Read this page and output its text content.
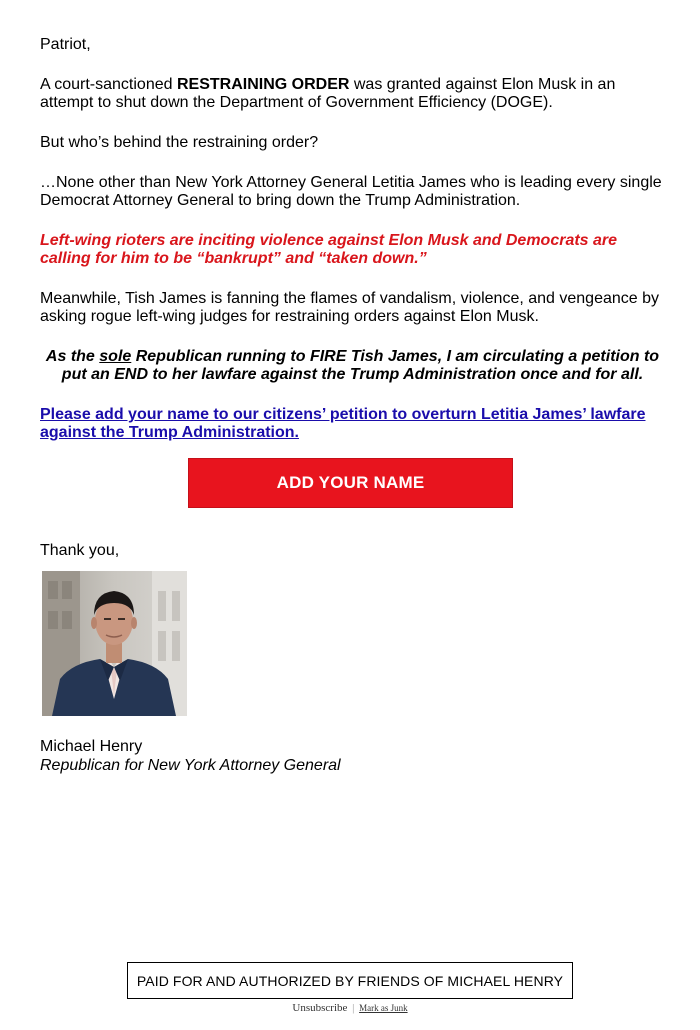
Patriot,

A court-sanctioned RESTRAINING ORDER was granted against Elon Musk in an attempt to shut down the Department of Government Efficiency (DOGE).

But who’s behind the restraining order?

…None other than New York Attorney General Letitia James who is leading every single Democrat Attorney General to bring down the Trump Administration.

Left-wing rioters are inciting violence against Elon Musk and Democrats are calling for him to be “bankrupt” and “taken down.”

Meanwhile, Tish James is fanning the flames of vandalism, violence, and vengeance by asking rogue left-wing judges for restraining orders against Elon Musk.

As the sole Republican running to FIRE Tish James, I am circulating a petition to put an END to her lawfare against the Trump Administration once and for all.

Please add your name to our citizens’ petition to overturn Letitia James’ lawfare against the Trump Administration.

ADD YOUR NAME
Thank you,
Michael Henry
Republican for New York Attorney General
PAID FOR AND AUTHORIZED BY FRIENDS OF MICHAEL HENRY
Unsubscribe | Mark as Junk
